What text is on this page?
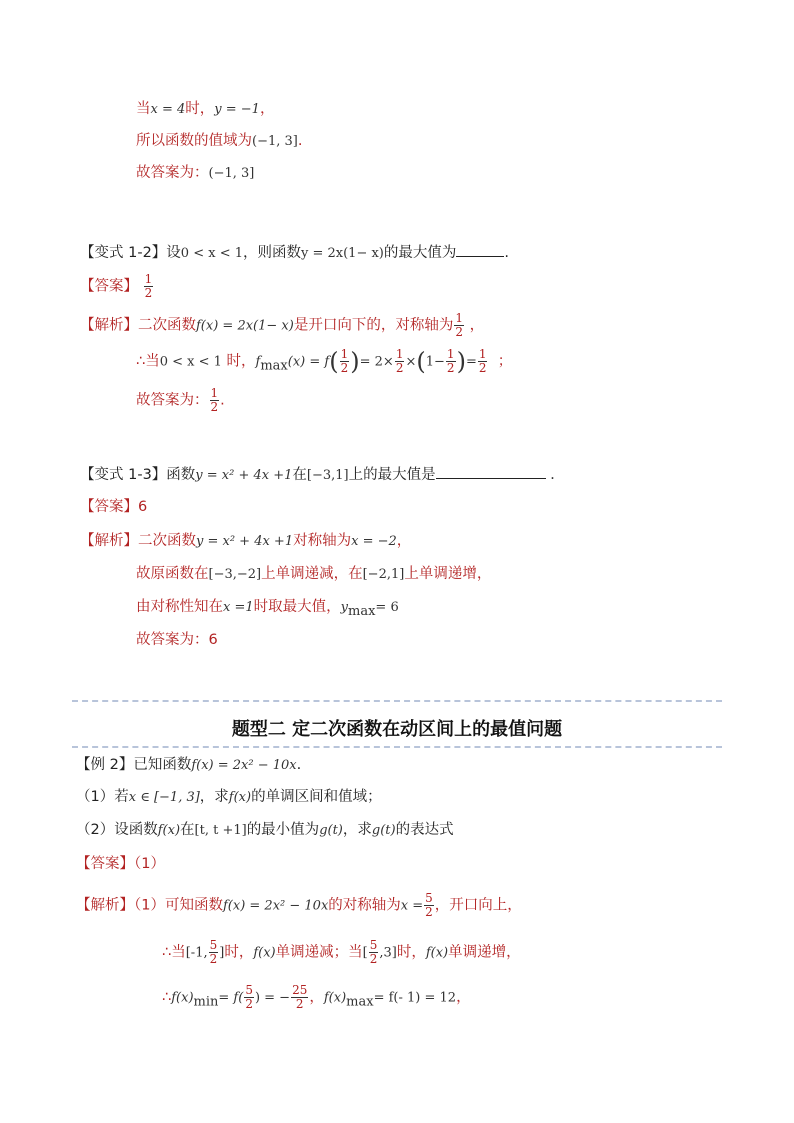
当x = 4时，y = −1，
所以函数的值域为(−1, 3].
故答案为：(−1, 3]
【变式 1-2】设0 < x < 1，则函数y = 2x(1− x)的最大值为	.
【答案】 $\frac{1}{2}$
【解析】二次函数f(x) = 2x(1− x)是开口向下的，对称轴为 $\frac{1}{2}$ ，
∴当0 < x < 1 时，$f_{max}(x) = f( \frac{1}{2}$ )= $2\times \frac{1}{2} \times(1- \frac{1}{2}$ )= $\frac{1}{2}$ ；
故答案为： $\frac{1}{2}$ .
【变式 1-3】函数y = x² + 4x +1在[−3,1]上的最大值是	．
【答案】6
【解析】二次函数y = x² + 4x +1对称轴为x = −2，
故原函数在[−3,−2]上单调递减，在[−2,1]上单调递增，
由对称性知在x =1时取最大值，$y_{max}= 6$
故答案为：6
题型二 定二次函数在动区间上的最值问题
【例 2】已知函数f(x) = 2x² − 10x.
（1）若x ∈ [−1, 3]，求f(x)的单调区间和值域；
（2）设函数f(x)在[t, t +1]的最小值为g(t)，求g(t)的表达式
【答案】（1）
【解析】（1）可知函数f(x) = 2x² − 10x的对称轴为$x = \frac{5}{2}$ ，开口向上，
∴当[-1, $\frac{5}{2}$ ]时，f(x)单调递减；当[ $\frac{5}{2} ,3$]时，f(x)单调递增，
$\therefore f(x)_{min}= f( \frac{5}{2}$ ) = − $\frac{25}{2}$ ，$f(x)_{max}= f(-$ 1) = 12，
